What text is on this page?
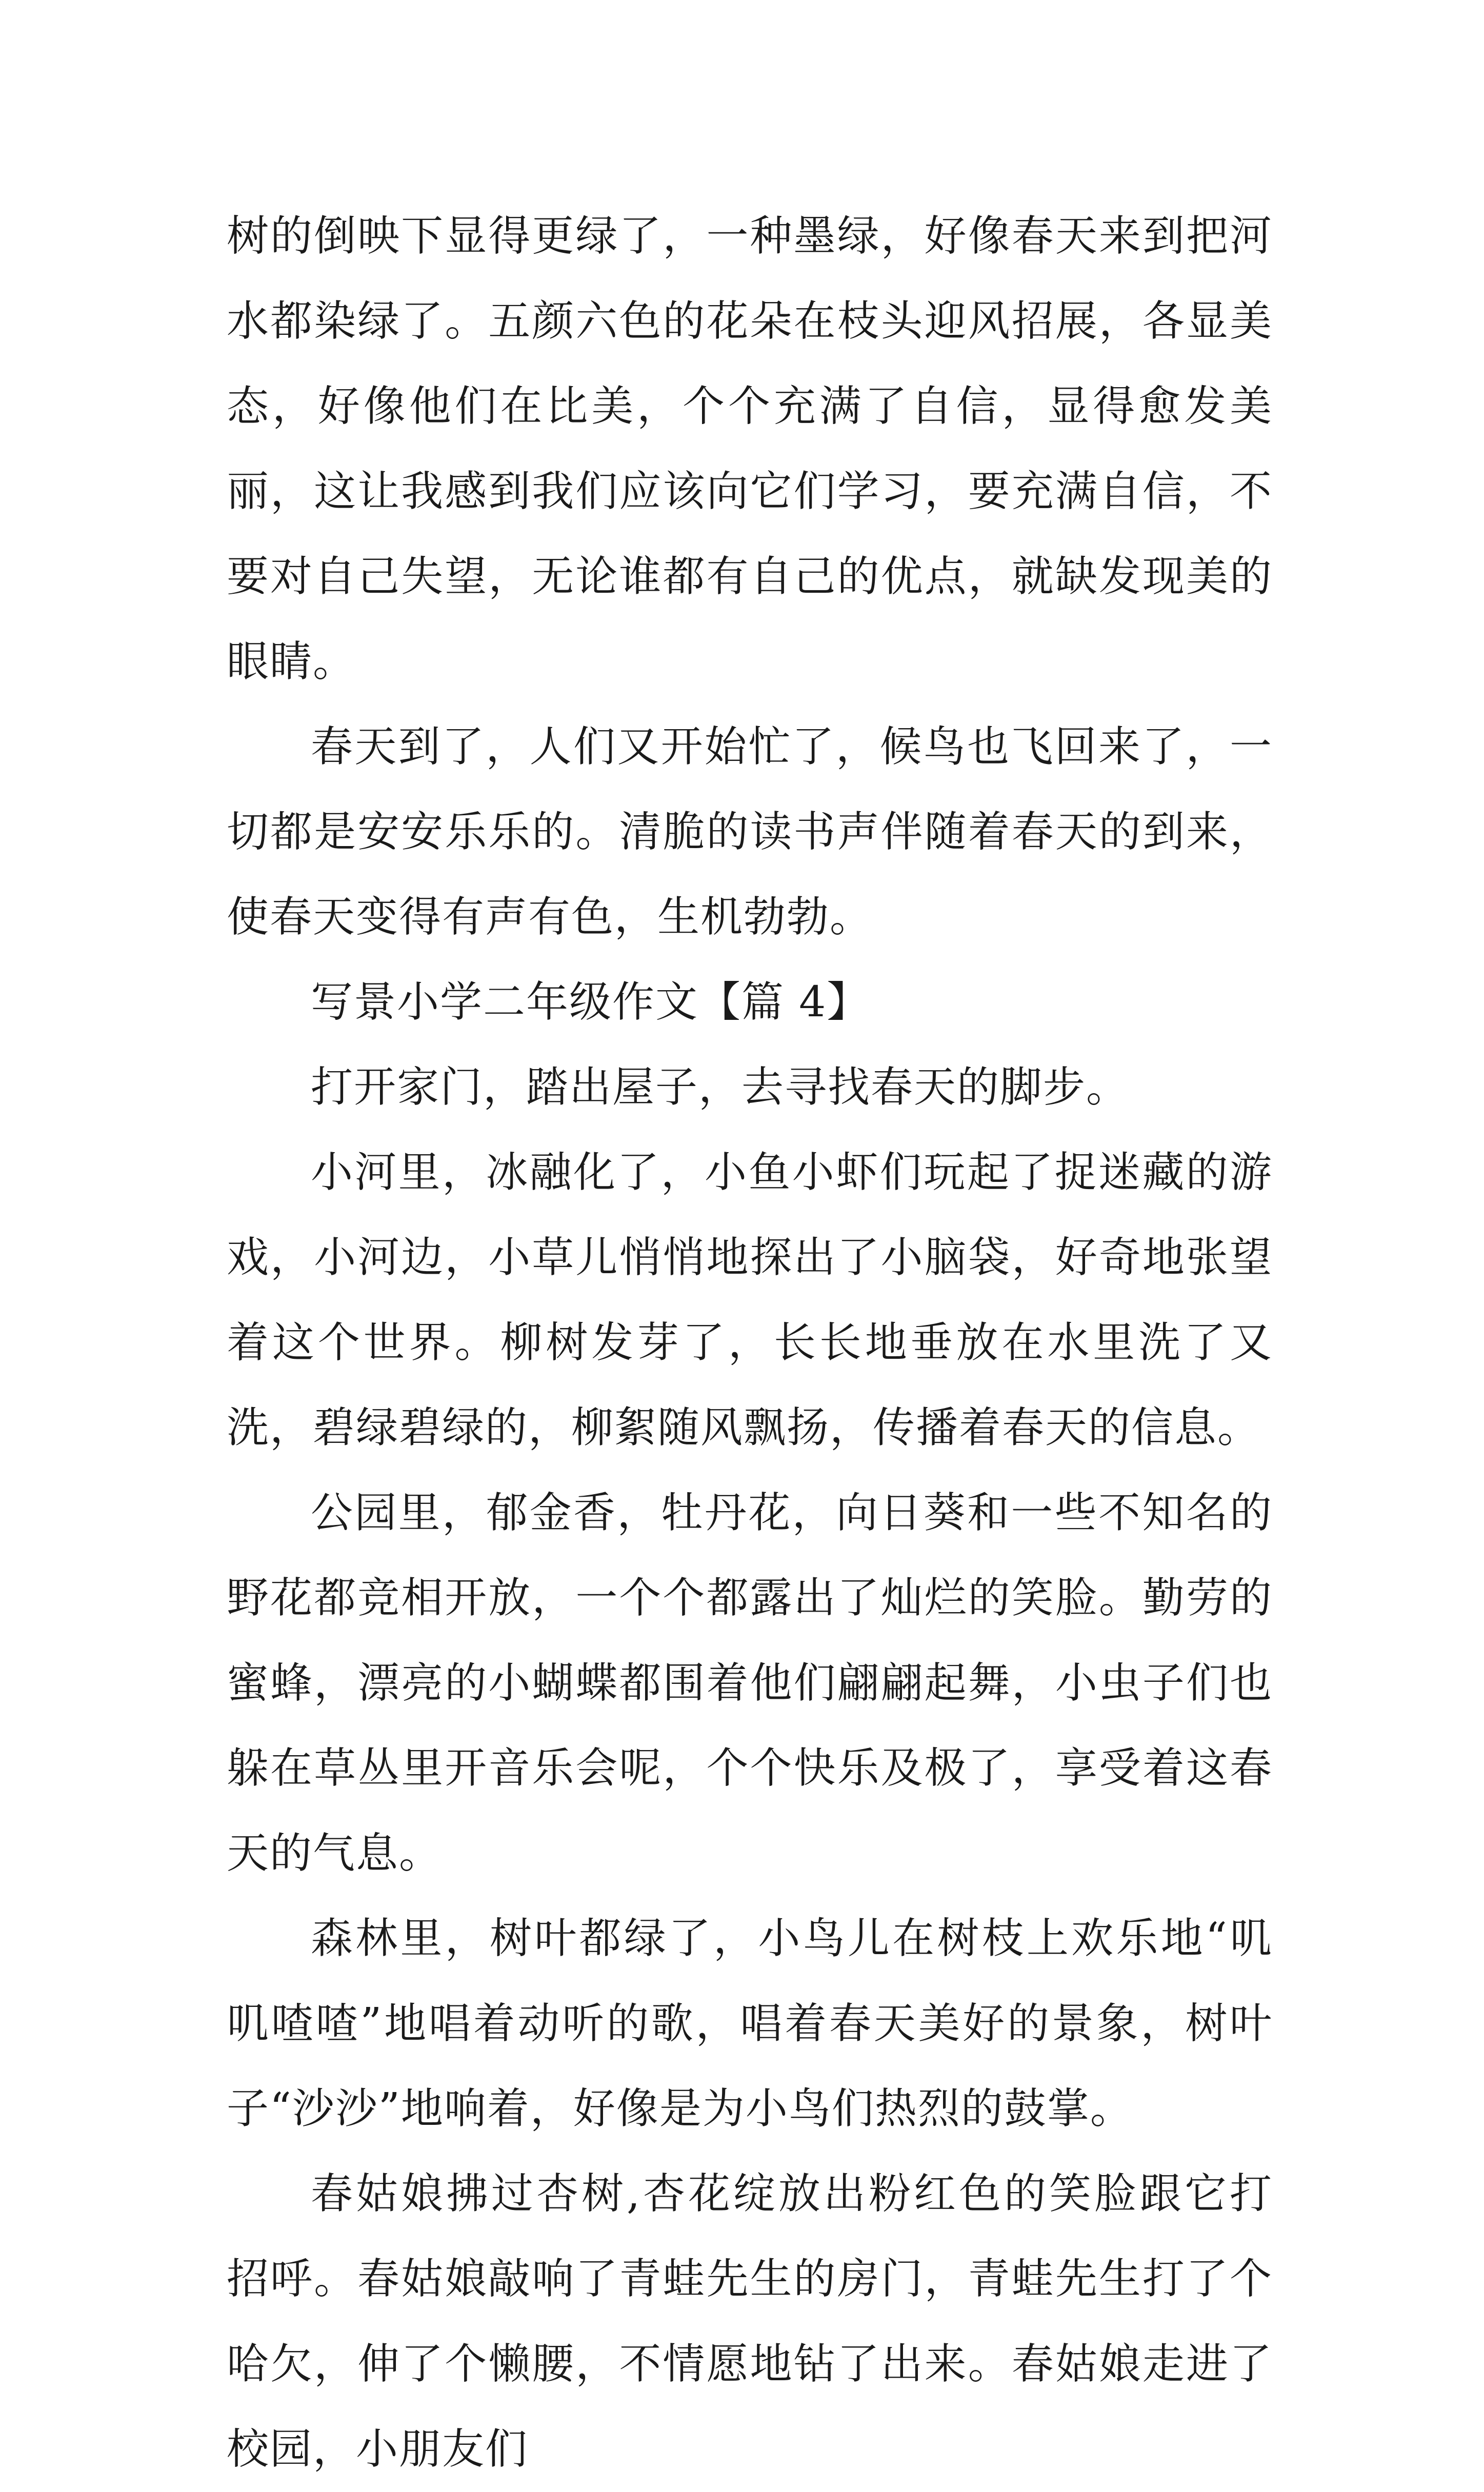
树的倒映下显得更绿了，一种墨绿，好像春天来到把河水都染绿了。五颜六色的花朵在枝头迎风招展，各显美态，好像他们在比美，个个充满了自信，显得愈发美丽，这让我感到我们应该向它们学习，要充满自信，不要对自己失望，无论谁都有自己的优点，就缺发现美的眼睛。

春天到了，人们又开始忙了，候鸟也飞回来了，一切都是安安乐乐的。清脆的读书声伴随着春天的到来，使春天变得有声有色，生机勃勃。

写景小学二年级作文【篇 4】

打开家门，踏出屋子，去寻找春天的脚步。

小河里，冰融化了，小鱼小虾们玩起了捉迷藏的游戏，小河边，小草儿悄悄地探出了小脑袋，好奇地张望着这个世界。柳树发芽了，长长地垂放在水里洗了又洗，碧绿碧绿的，柳絮随风飘扬，传播着春天的信息。

公园里，郁金香，牡丹花，向日葵和一些不知名的野花都竞相开放，一个个都露出了灿烂的笑脸。勤劳的蜜蜂，漂亮的小蝴蝶都围着他们翩翩起舞，小虫子们也躲在草丛里开音乐会呢，个个快乐及极了，享受着这春天的气息。

森林里，树叶都绿了，小鸟儿在树枝上欢乐地“叽叽喳喳”地唱着动听的歌，唱着春天美好的景象，树叶子“沙沙”地响着，好像是为小鸟们热烈的鼓掌。

春姑娘拂过杏树,杏花绽放出粉红色的笑脸跟它打招呼。春姑娘敲响了青蛙先生的房门，青蛙先生打了个哈欠，伸了个懒腰，不情愿地钻了出来。春姑娘走进了校园，小朋友们
